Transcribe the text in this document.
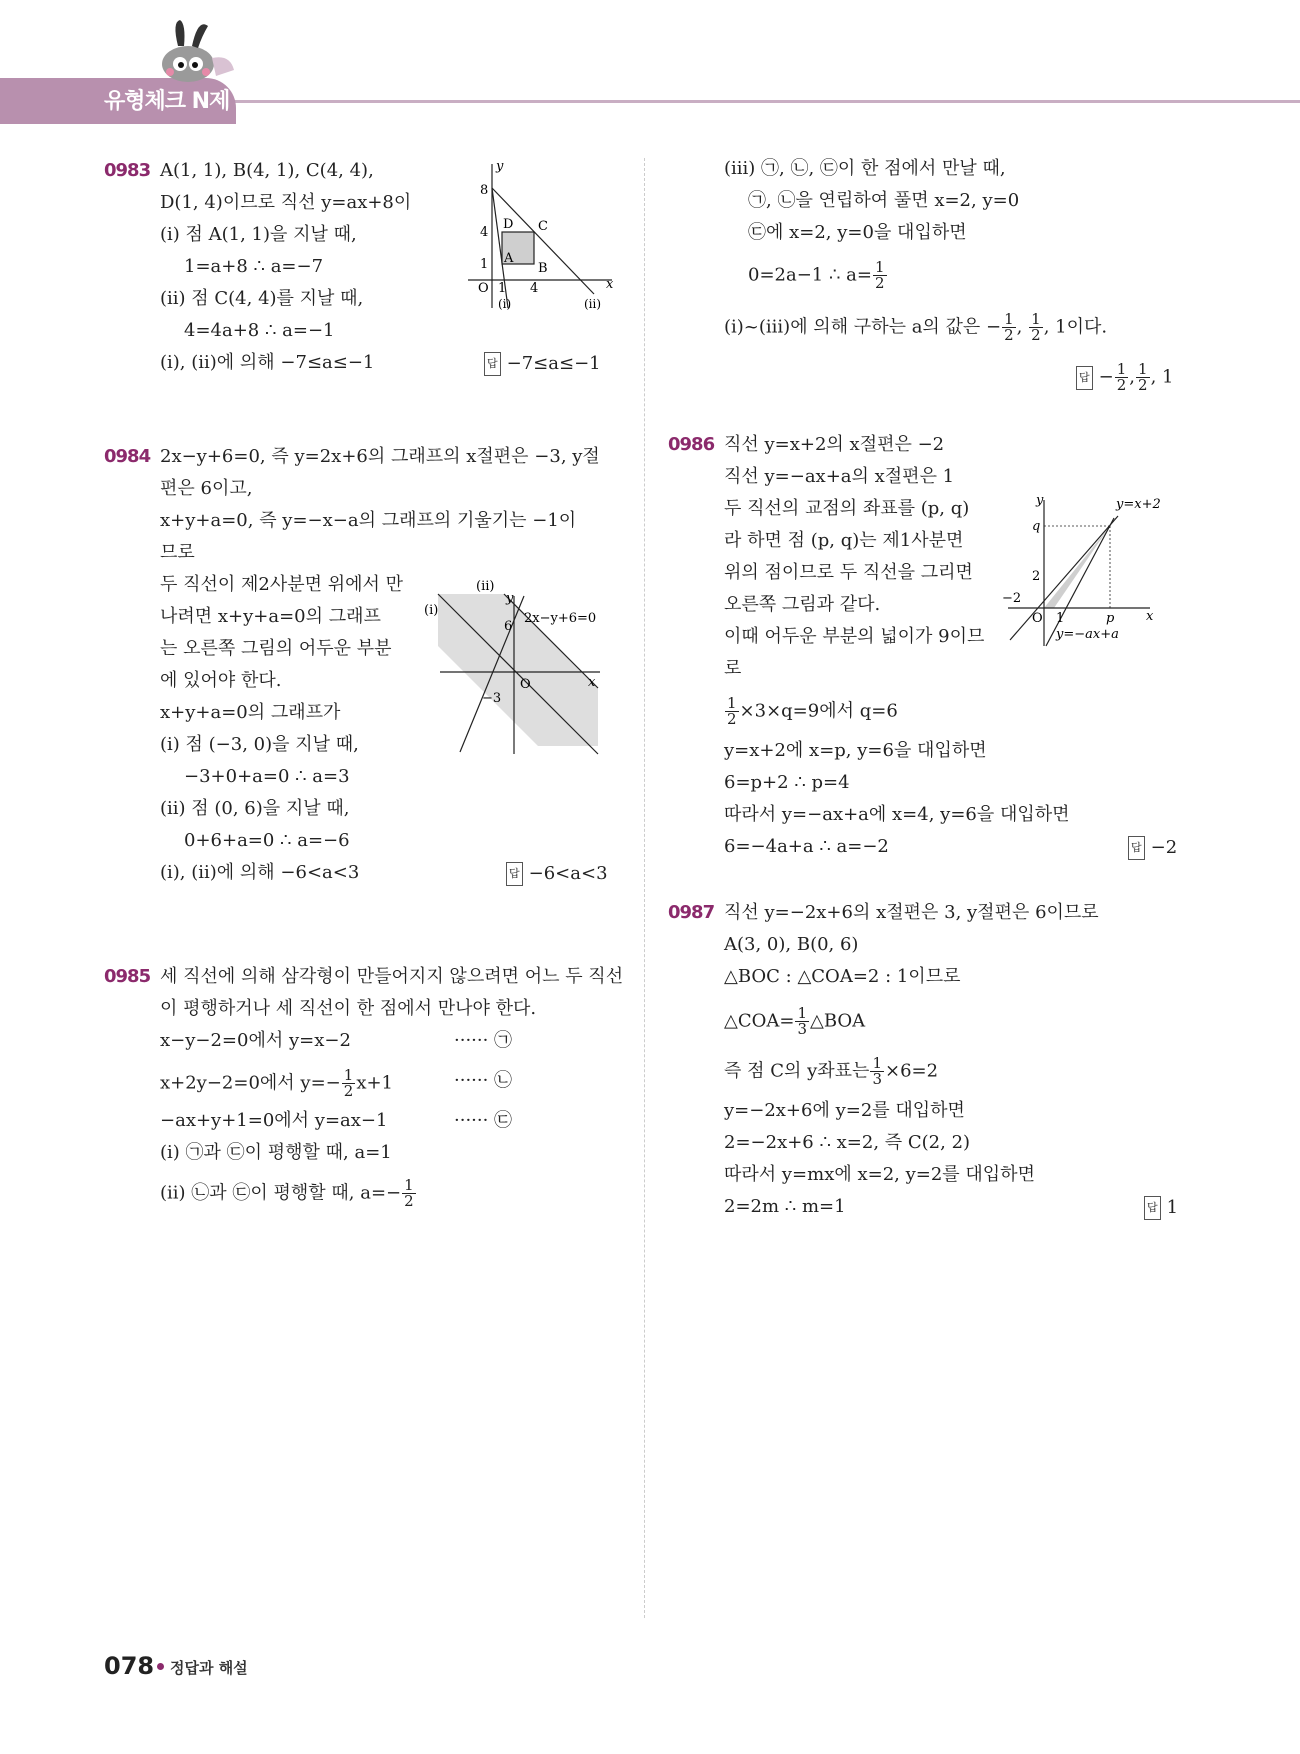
유형체크 N제
0983 A(1, 1), B(4, 1), C(4, 4),
D(1, 4)이므로 직선 y=ax+8이
(ⅰ) 점 A(1, 1)을 지날 때,
1=a+8 ∴ a=−7
(ⅱ) 점 C(4, 4)를 지날 때,
4=4a+8 ∴ a=−1
(ⅰ), (ⅱ)에 의해 −7≤a≤−1	답 −7≤a≤−1
y
x
O
8
4
1
1 4
A
B
C
D
(ⅰ)	(ⅱ)
0984 2x−y+6=0, 즉 y=2x+6의 그래프의 x절편은 −3, y절
편은 6이고,
x+y+a=0, 즉 y=−x−a의 그래프의 기울기는 −1이
므로
두 직선이 제2사분면 위에서 만
나려면 x+y+a=0의 그래프
는 오른쪽 그림의 어두운 부분
에 있어야 한다.
x+y+a=0의 그래프가
(ⅰ) 점 (−3, 0)을 지날 때,
−3+0+a=0 ∴ a=3
(ⅱ) 점 (0, 6)을 지날 때,
0+6+a=0 ∴ a=−6
(ⅰ), (ⅱ)에 의해 −6<a<3	답 −6<a<3
(ⅱ)
(ⅰ)
y
x
O
6
−3
2x−y+6=0
0985 세 직선에 의해 삼각형이 만들어지지 않으려면 어느 두 직선
이 평행하거나 세 직선이 한 점에서 만나야 한다.
x−y−2=0에서 y=x−2	······ ㉠
x+2y−2=0에서 $y=- \frac{1}{2} x+1$	······ ㉡
−ax+y+1=0에서 y=ax−1	······ ㉢
(ⅰ) ㉠과 ㉢이 평행할 때, a=1
(ⅱ) ㉡과 ㉢이 평행할 때, $a=- \frac{1}{2}$
(ⅲ) ㉠, ㉡, ㉢이 한 점에서 만날 때,
㉠, ㉡을 연립하여 풀면 x=2, y=0
㉢에 x=2, y=0을 대입하면
0=2a−1 ∴ $a= \frac{1}{2}$
(ⅰ)~(ⅲ)에 의해 구하는 a의 값은 − $\frac{1}{2}$ , $\frac{1}{2}$ , 1이다.
답 − $\frac{1}{2}$ , $\frac{1}{2}$ , 1
0986 직선 y=x+2의 x절편은 −2
직선 y=−ax+a의 x절편은 1
두 직선의 교점의 좌표를 (p, q)
라 하면 점 (p, q)는 제1사분면
위의 점이므로 두 직선을 그리면
오른쪽 그림과 같다.
이때 어두운 부분의 넓이가 9이므
로
$\frac{1}{2} \times 3\times q=9$에서 q=6
y=x+2에 x=p, y=6을 대입하면
6=p+2 ∴ p=4
따라서 y=−ax+a에 x=4, y=6을 대입하면
6=−4a+a ∴ a=−2	답 −2
y
q
y=x+2
2
−2
O 1	p x
y=−ax+a
0987 직선 y=−2x+6의 x절편은 3, y절편은 6이므로
A(3, 0), B(0, 6)
△BOC : △COA=2 : 1이므로
△COA= $\frac{1}{3}$ △BOA
즉 점 C의 y좌표는 $\frac{1}{3} \times 6=2$
y=−2x+6에 y=2를 대입하면
2=−2x+6 ∴ x=2, 즉 C(2, 2)
따라서 y=mx에 x=2, y=2를 대입하면
2=2m ∴ m=1	답 1
078 정답과 해설
